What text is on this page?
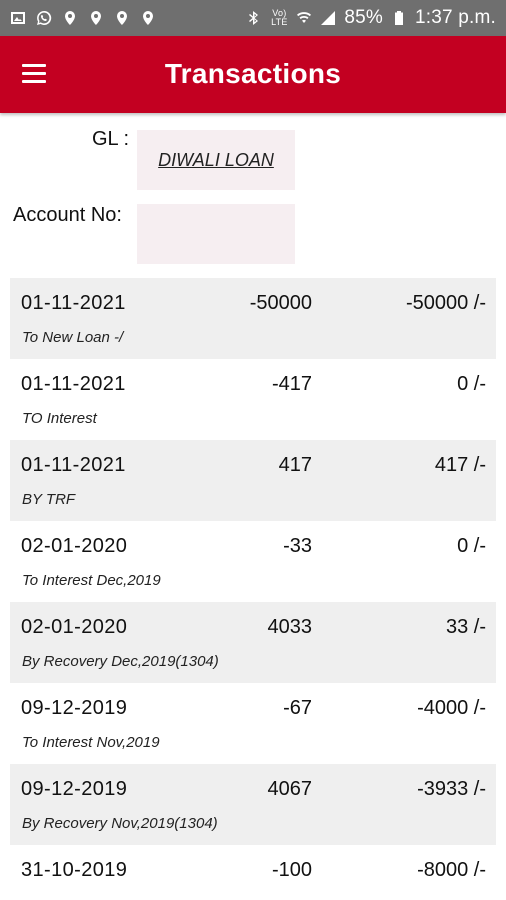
Vo) LTE	85% 1:37 p.m.
Transactions
GL :
DIWALI LOAN
Account No:
01-11-2021	-50000	-50000 /-
To New Loan -/
01-11-2021	-417	0 /-
TO Interest
01-11-2021	417	417 /-
BY TRF
02-01-2020	-33	0 /-
To Interest Dec,2019
02-01-2020	4033	33 /-
By Recovery Dec,2019(1304)
09-12-2019	-67	-4000 /-
To Interest Nov,2019
09-12-2019	4067	-3933 /-
By Recovery Nov,2019(1304)
31-10-2019	-100	-8000 /-
